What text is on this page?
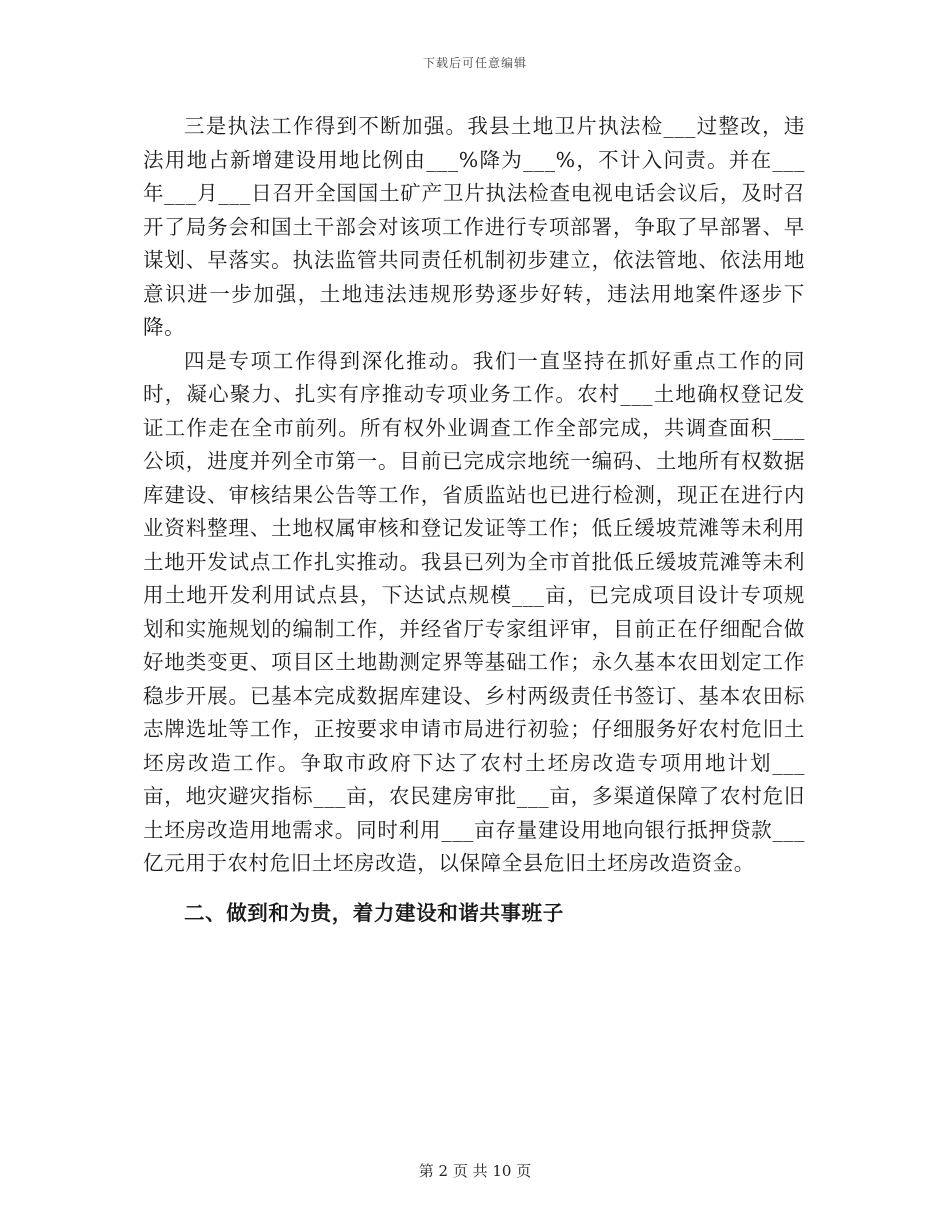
下载后可任意编辑

三是执法工作得到不断加强。我县土地卫片执法检___过整改，违法用地占新增建设用地比例由___%降为___%，不计入问责。并在___年___月___日召开全国国土矿产卫片执法检查电视电话会议后，及时召开了局务会和国土干部会对该项工作进行专项部署，争取了早部署、早谋划、早落实。执法监管共同责任机制初步建立，依法管地、依法用地意识进一步加强，土地违法违规形势逐步好转，违法用地案件逐步下降。

四是专项工作得到深化推动。我们一直坚持在抓好重点工作的同时，凝心聚力、扎实有序推动专项业务工作。农村___土地确权登记发证工作走在全市前列。所有权外业调查工作全部完成，共调查面积___公顷，进度并列全市第一。目前已完成宗地统一编码、土地所有权数据库建设、审核结果公告等工作，省质监站也已进行检测，现正在进行内业资料整理、土地权属审核和登记发证等工作；低丘缓坡荒滩等未利用土地开发试点工作扎实推动。我县已列为全市首批低丘缓坡荒滩等未利用土地开发利用试点县，下达试点规模___亩，已完成项目设计专项规划和实施规划的编制工作，并经省厅专家组评审，目前正在仔细配合做好地类变更、项目区土地勘测定界等基础工作；永久基本农田划定工作稳步开展。已基本完成数据库建设、乡村两级责任书签订、基本农田标志牌选址等工作，正按要求申请市局进行初验；仔细服务好农村危旧土坯房改造工作。争取市政府下达了农村土坯房改造专项用地计划___亩，地灾避灾指标___亩，农民建房审批___亩，多渠道保障了农村危旧土坯房改造用地需求。同时利用___亩存量建设用地向银行抵押贷款___亿元用于农村危旧土坯房改造，以保障全县危旧土坯房改造资金。

二、做到和为贵，着力建设和谐共事班子

第 2 页 共 10 页
